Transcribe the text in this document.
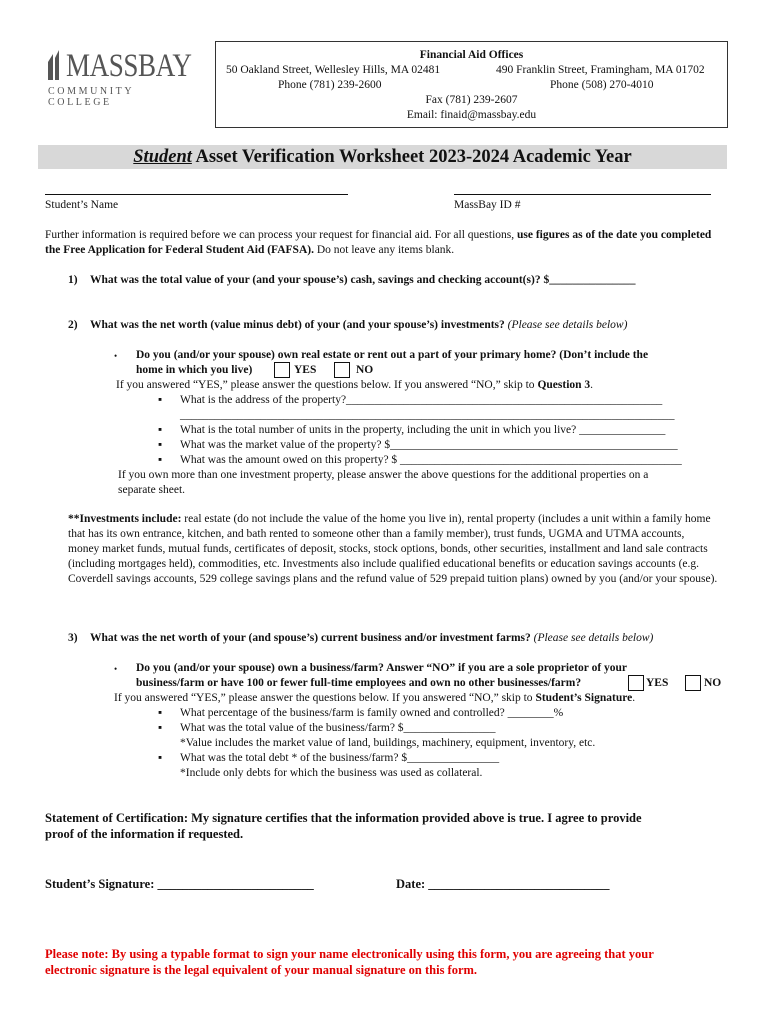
MASSBAY
COMMUNITY COLLEGE
Financial Aid Offices
50 Oakland Street, Wellesley Hills, MA 02481	490 Franklin Street, Framingham, MA 01702
Phone (781) 239-2600	Phone (508) 270-4010
Fax (781) 239-2607
Email: finaid@massbay.edu
Student Asset Verification Worksheet 2023-2024 Academic Year
Student’s Name	MassBay ID #
Further information is required before we can process your request for financial aid. For all questions, use figures as of the date you completed the Free Application for Federal Student Aid (FAFSA). Do not leave any items blank.
1) What was the total value of your (and your spouse’s) cash, savings and checking account(s)? $_______________
2) What was the net worth (value minus debt) of your (and your spouse’s) investments? (Please see details below)
• Do you (and/or your spouse) own real estate or rent out a part of your primary home? (Don’t include the
home in which you live)	YES	NO
If you answered “YES,” please answer the questions below. If you answered “NO,” skip to Question 3.
▪ What is the address of the property?_______________________________________________________
______________________________________________________________________________________
▪ What is the total number of units in the property, including the unit in which you live? _______________
▪ What was the market value of the property? $__________________________________________________
▪ What was the amount owed on this property? $ _________________________________________________
If you own more than one investment property, please answer the above questions for the additional properties on a
separate sheet.
**Investments include: real estate (do not include the value of the home you live in), rental property (includes a unit within a family home that has its own entrance, kitchen, and bath rented to someone other than a family member), trust funds, UGMA and UTMA accounts, money market funds, mutual funds, certificates of deposit, stocks, stock options, bonds, other securities, installment and land sale contracts (including mortgages held), commodities, etc. Investments also include qualified educational benefits or education savings accounts (e.g. Coverdell savings accounts, 529 college savings plans and the refund value of 529 prepaid tuition plans) owned by you (and/or your spouse).
3) What was the net worth of your (and spouse’s) current business and/or investment farms? (Please see details below)
• Do you (and/or your spouse) own a business/farm? Answer “NO” if you are a sole proprietor of your
business/farm or have 100 or fewer full-time employees and own no other businesses/farm?	YES	NO
If you answered “YES,” please answer the questions below. If you answered “NO,” skip to Student’s Signature.
▪ What percentage of the business/farm is family owned and controlled? ________%
▪ What was the total value of the business/farm? $________________
*Value includes the market value of land, buildings, machinery, equipment, inventory, etc.
▪ What was the total debt * of the business/farm? $________________
*Include only debts for which the business was used as collateral.
Statement of Certification: My signature certifies that the information provided above is true. I agree to provide
proof of the information if requested.
Student’s Signature: _________________________	Date: _____________________________
Please note: By using a typable format to sign your name electronically using this form, you are agreeing that your
electronic signature is the legal equivalent of your manual signature on this form.
